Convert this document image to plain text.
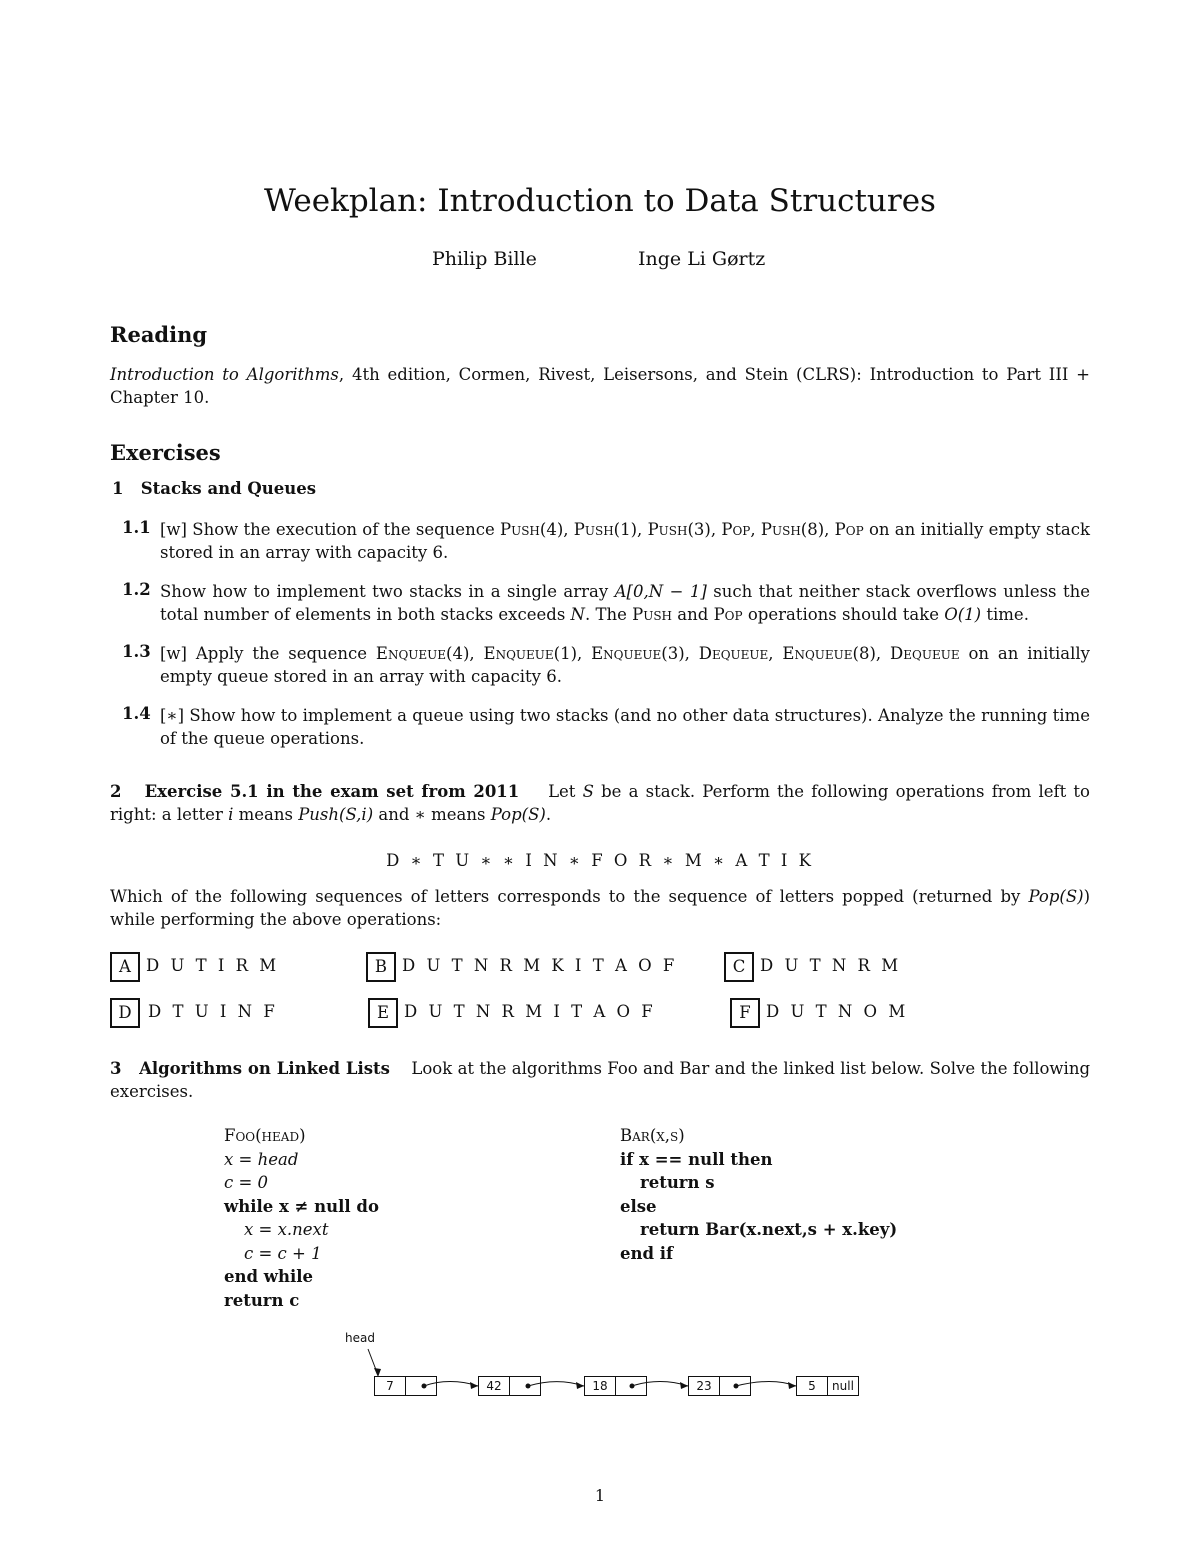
Weekplan: Introduction to Data Structures
Philip Bille	Inge Li Gørtz
Reading
Introduction to Algorithms, 4th edition, Cormen, Rivest, Leisersons, and Stein (CLRS): Introduction to Part III + Chapter 10.
Exercises
1 Stacks and Queues
1.1 [w] Show the execution of the sequence Push(4), Push(1), Push(3), Pop, Push(8), Pop on an initially empty stack stored in an array with capacity 6.
1.2 Show how to implement two stacks in a single array A[0,N − 1] such that neither stack overflows unless the total number of elements in both stacks exceeds N. The Push and Pop operations should take O(1) time.
1.3 [w] Apply the sequence Enqueue(4), Enqueue(1), Enqueue(3), Dequeue, Enqueue(8), Dequeue on an initially empty queue stored in an array with capacity 6.
1.4 [∗] Show how to implement a queue using two stacks (and no other data structures). Analyze the running time of the queue operations.
2 Exercise 5.1 in the exam set from 2011 Let S be a stack. Perform the following operations from left to right: a letter i means Push(S,i) and ∗ means Pop(S).
D ∗ T U ∗ ∗ I N ∗ F O R ∗ M ∗ A T I K
Which of the following sequences of letters corresponds to the sequence of letters popped (returned by Pop(S)) while performing the above operations:
A D U T I R M	B D U T N R M K I T A O F	C D U T N R M
D D T U I N F	E D U T N R M I T A O F	F D U T N O M
3 Algorithms on Linked Lists Look at the algorithms Foo and Bar and the linked list below. Solve the following exercises.
Foo(head)
x = head
c = 0
while x ≠ null do
x = x.next
c = c + 1
end while
return c
Bar(x,s)
if x == null then
return s
else
return Bar(x.next,s + x.key)
end if
head
7	42	18	23	5 null
1
